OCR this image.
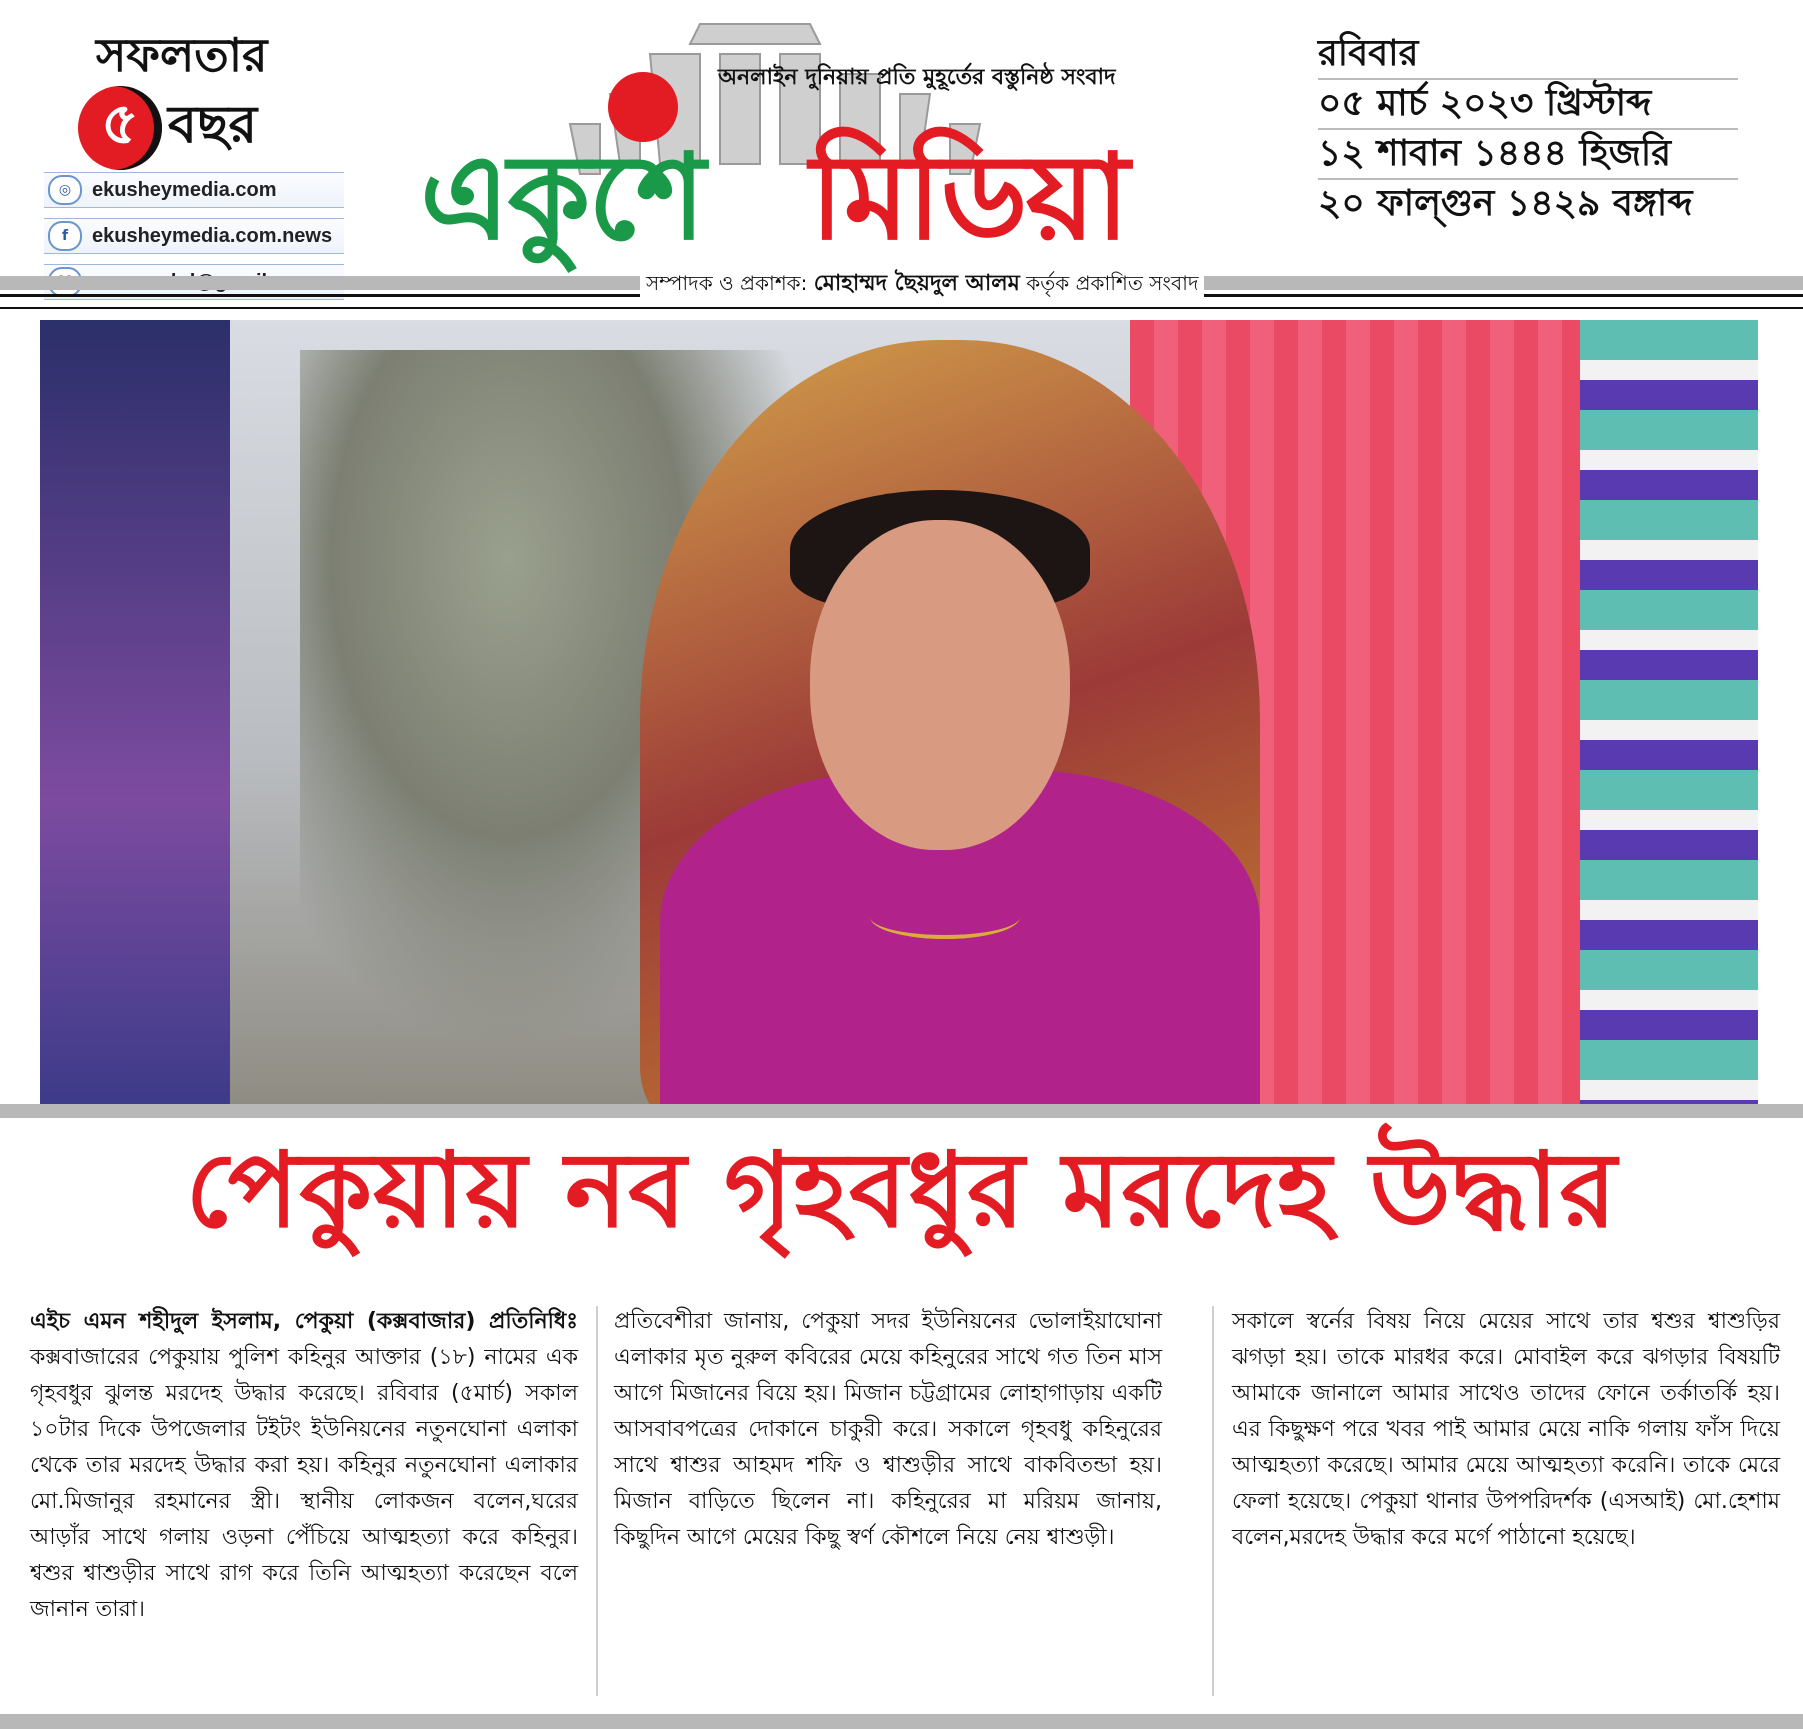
সফলতার
৫ বছর
◎	ekusheymedia.com
f	ekusheymedia.com.news একুশে মিডিয়া
অনলাইন দুনিয়ায় প্রতি মুহূর্তের বস্তুনিষ্ঠ সংবাদ
রবিবার
০৫ মার্চ ২০২৩ খ্রিস্টাব্দ
১২ শাবান ১৪৪৪ হিজরি
২০ ফাল্গুন ১৪২৯ বঙ্গাব্দ
সম্পাদক ও প্রকাশক: মোহাম্মদ ছৈয়দুল আলম কর্তৃক প্রকাশিত সংবাদ
পেকুয়ায় নব গৃহবধুর মরদেহ উদ্ধার
এইচ এমন শহীদুল ইসলাম, পেকুয়া (কক্সবাজার) প্রতিনিধিঃ কক্সবাজারের পেকুয়ায় পুলিশ কহিনুর আক্তার (১৮) নামের এক গৃহবধুর ঝুলন্ত মরদেহ উদ্ধার করেছে। রবিবার (৫মার্চ) সকাল ১০টার দিকে উপজেলার টইটং ইউনিয়নের নতুনঘোনা এলাকা থেকে তার মরদেহ উদ্ধার করা হয়। কহিনুর নতুনঘোনা এলাকার মো.মিজানুর রহমানের স্ত্রী। স্থানীয় লোকজন বলেন,ঘরের আড়াঁর সাথে গলায় ওড়না পেঁচিয়ে আত্মহত্যা করে কহিনুর। শ্বশুর শ্বাশুড়ীর সাথে রাগ করে তিনি আত্মহত্যা করেছেন বলে জানান তারা।
প্রতিবেশীরা জানায়, পেকুয়া সদর ইউনিয়নের ভোলাইয়াঘোনা এলাকার মৃত নুরুল কবিরের মেয়ে কহিনুরের সাথে গত তিন মাস আগে মিজানের বিয়ে হয়। মিজান চট্টগ্রামের লোহাগাড়ায় একটি আসবাবপত্রের দোকানে চাকুরী করে। সকালে গৃহবধু কহিনুরের সাথে শ্বাশুর আহমদ শফি ও শ্বাশুড়ীর সাথে বাকবিতন্ডা হয়। মিজান বাড়িতে ছিলেন না। কহিনুরের মা মরিয়ম জানায়, কিছুদিন আগে মেয়ের কিছু স্বর্ণ কৌশলে নিয়ে নেয় শ্বাশুড়ী।
সকালে স্বর্নের বিষয় নিয়ে মেয়ের সাথে তার শ্বশুর শ্বাশুড়ির ঝগড়া হয়। তাকে মারধর করে। মোবাইল করে ঝগড়ার বিষয়টি আমাকে জানালে আমার সাথেও তাদের ফোনে তর্কাতর্কি হয়। এর কিছুক্ষণ পরে খবর পাই আমার মেয়ে নাকি গলায় ফাঁস দিয়ে আত্মহত্যা করেছে। আমার মেয়ে আত্মহত্যা করেনি। তাকে মেরে ফেলা হয়েছে। পেকুয়া থানার উপপরিদর্শক (এসআই) মো.হেশাম বলেন,মরদেহ উদ্ধার করে মর্গে পাঠানো হয়েছে।
